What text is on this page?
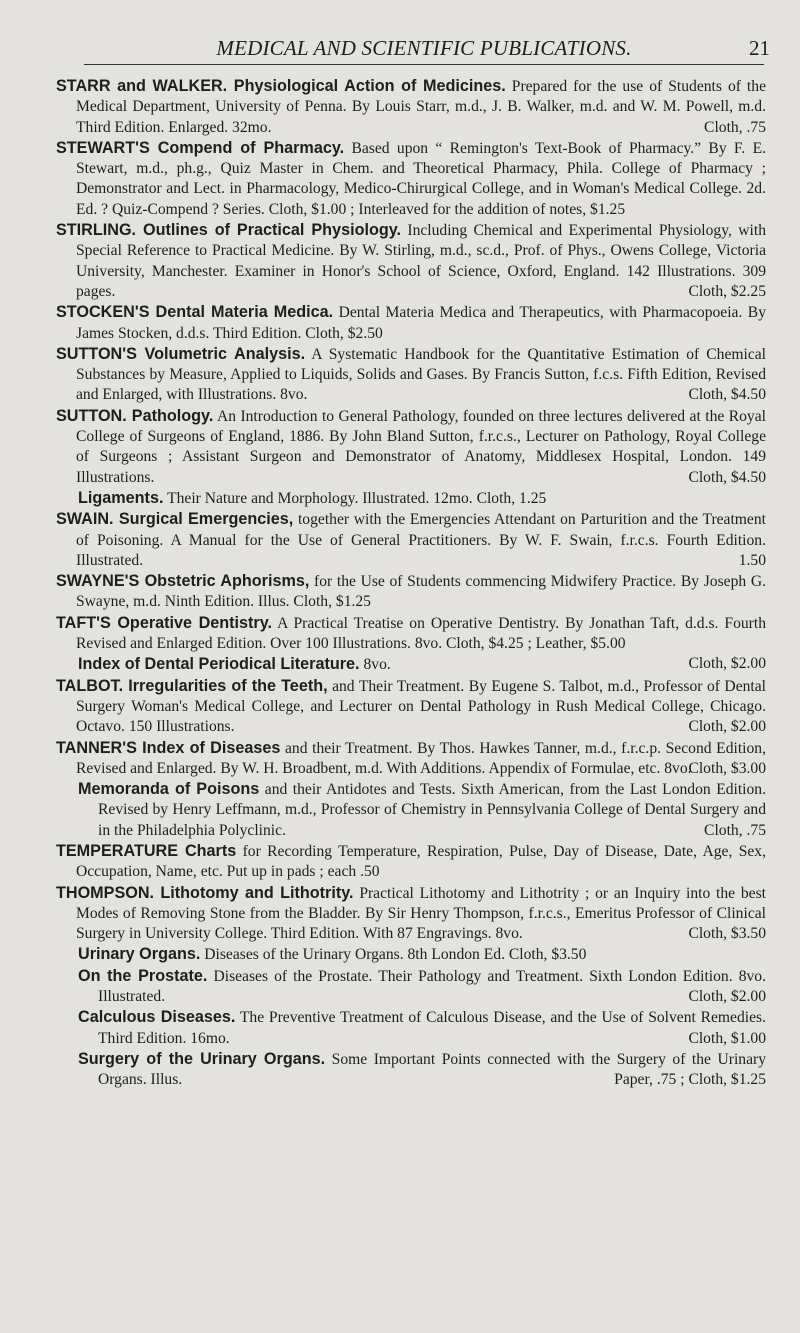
MEDICAL AND SCIENTIFIC PUBLICATIONS.	21
STARR and WALKER. Physiological Action of Medicines. Prepared for the use of Students of the Medical Department, University of Penna. By Louis Starr, m.d., J. B. Walker, m.d. and W. M. Powell, m.d. Third Edition. Enlarged. 32mo.	Cloth, .75
STEWART'S Compend of Pharmacy. Based upon “ Remington's Text-Book of Pharmacy.” By F. E. Stewart, m.d., ph.g., Quiz Master in Chem. and Theoretical Pharmacy, Phila. College of Pharmacy ; Demonstrator and Lect. in Pharmacology, Medico-Chirurgical College, and in Woman's Medical College. 2d. Ed. ? Quiz-Compend ? Series. Cloth, $1.00 ; Interleaved for the addition of notes, $1.25
STIRLING. Outlines of Practical Physiology. Including Chemical and Experimental Physiology, with Special Reference to Practical Medicine. By W. Stirling, m.d., sc.d., Prof. of Phys., Owens College, Victoria University, Manchester. Examiner in Honor's School of Science, Oxford, England. 142 Illustrations. 309 pages.	Cloth, $2.25
STOCKEN'S Dental Materia Medica. Dental Materia Medica and Therapeutics, with Pharmacopoeia. By James Stocken, d.d.s. Third Edition. Cloth, $2.50
SUTTON'S Volumetric Analysis. A Systematic Handbook for the Quantitative Estimation of Chemical Substances by Measure, Applied to Liquids, Solids and Gases. By Francis Sutton, f.c.s. Fifth Edition, Revised and Enlarged, with Illustrations. 8vo.	Cloth, $4.50
SUTTON. Pathology. An Introduction to General Pathology, founded on three lectures delivered at the Royal College of Surgeons of England, 1886. By John Bland Sutton, f.r.c.s., Lecturer on Pathology, Royal College of Surgeons ; Assistant Surgeon and Demonstrator of Anatomy, Middlesex Hospital, London. 149 Illustrations.	Cloth, $4.50
Ligaments. Their Nature and Morphology. Illustrated. 12mo. Cloth, 1.25
SWAIN. Surgical Emergencies, together with the Emergencies Attendant on Parturition and the Treatment of Poisoning. A Manual for the Use of General Practitioners. By W. F. Swain, f.r.c.s. Fourth Edition. Illustrated.	1.50
SWAYNE'S Obstetric Aphorisms, for the Use of Students commencing Midwifery Practice. By Joseph G. Swayne, m.d. Ninth Edition. Illus. Cloth, $1.25
TAFT'S Operative Dentistry. A Practical Treatise on Operative Dentistry. By Jonathan Taft, d.d.s. Fourth Revised and Enlarged Edition. Over 100 Illustrations. 8vo. Cloth, $4.25 ; Leather, $5.00
Index of Dental Periodical Literature. 8vo.	Cloth, $2.00
TALBOT. Irregularities of the Teeth, and Their Treatment. By Eugene S. Talbot, m.d., Professor of Dental Surgery Woman's Medical College, and Lecturer on Dental Pathology in Rush Medical College, Chicago. Octavo. 150 Illustrations.	Cloth, $2.00
TANNER'S Index of Diseases and their Treatment. By Thos. Hawkes Tanner, m.d., f.r.c.p. Second Edition, Revised and Enlarged. By W. H. Broadbent, m.d. With Additions. Appendix of Formulae, etc. 8vo.
Cloth, $3.00
Memoranda of Poisons and their Antidotes and Tests. Sixth American, from the Last London Edition. Revised by Henry Leffmann, m.d., Professor of Chemistry in Pennsylvania College of Dental Surgery and in the Philadelphia Polyclinic.	Cloth, .75
TEMPERATURE Charts for Recording Temperature, Respiration, Pulse, Day of Disease, Date, Age, Sex, Occupation, Name, etc. Put up in pads ; each .50
THOMPSON. Lithotomy and Lithotrity. Practical Lithotomy and Lithotrity ; or an Inquiry into the best Modes of Removing Stone from the Bladder. By Sir Henry Thompson, f.r.c.s., Emeritus Professor of Clinical Surgery in University College. Third Edition. With 87 Engravings. 8vo.	Cloth, $3.50
Urinary Organs. Diseases of the Urinary Organs. 8th London Ed. Cloth, $3.50
On the Prostate. Diseases of the Prostate. Their Pathology and Treatment. Sixth London Edition. 8vo. Illustrated.	Cloth, $2.00
Calculous Diseases. The Preventive Treatment of Calculous Disease, and the Use of Solvent Remedies. Third Edition. 16mo.	Cloth, $1.00
Surgery of the Urinary Organs. Some Important Points connected with the Surgery of the Urinary Organs. Illus.	Paper, .75 ; Cloth, $1.25
